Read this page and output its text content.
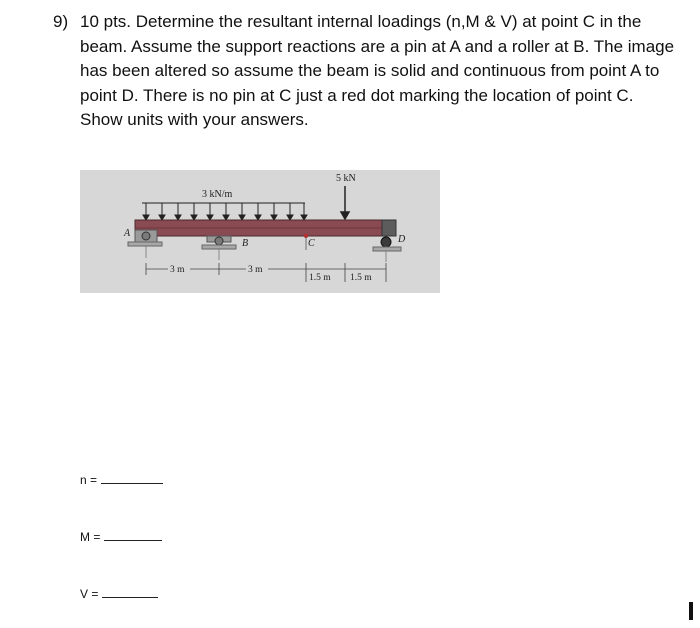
9) 10 pts. Determine the resultant internal loadings (n,M & V) at point C in the beam. Assume the support reactions are a pin at A and a roller at B. The image has been altered so assume the beam is solid and continuous from point A to point D. There is no pin at C just a red dot marking the location of point C. Show units with your answers.

3 kN/m
5 kN
A
B	C	D
3 m	3 m
1.5 m 1.5 m
n =
M =
V =
